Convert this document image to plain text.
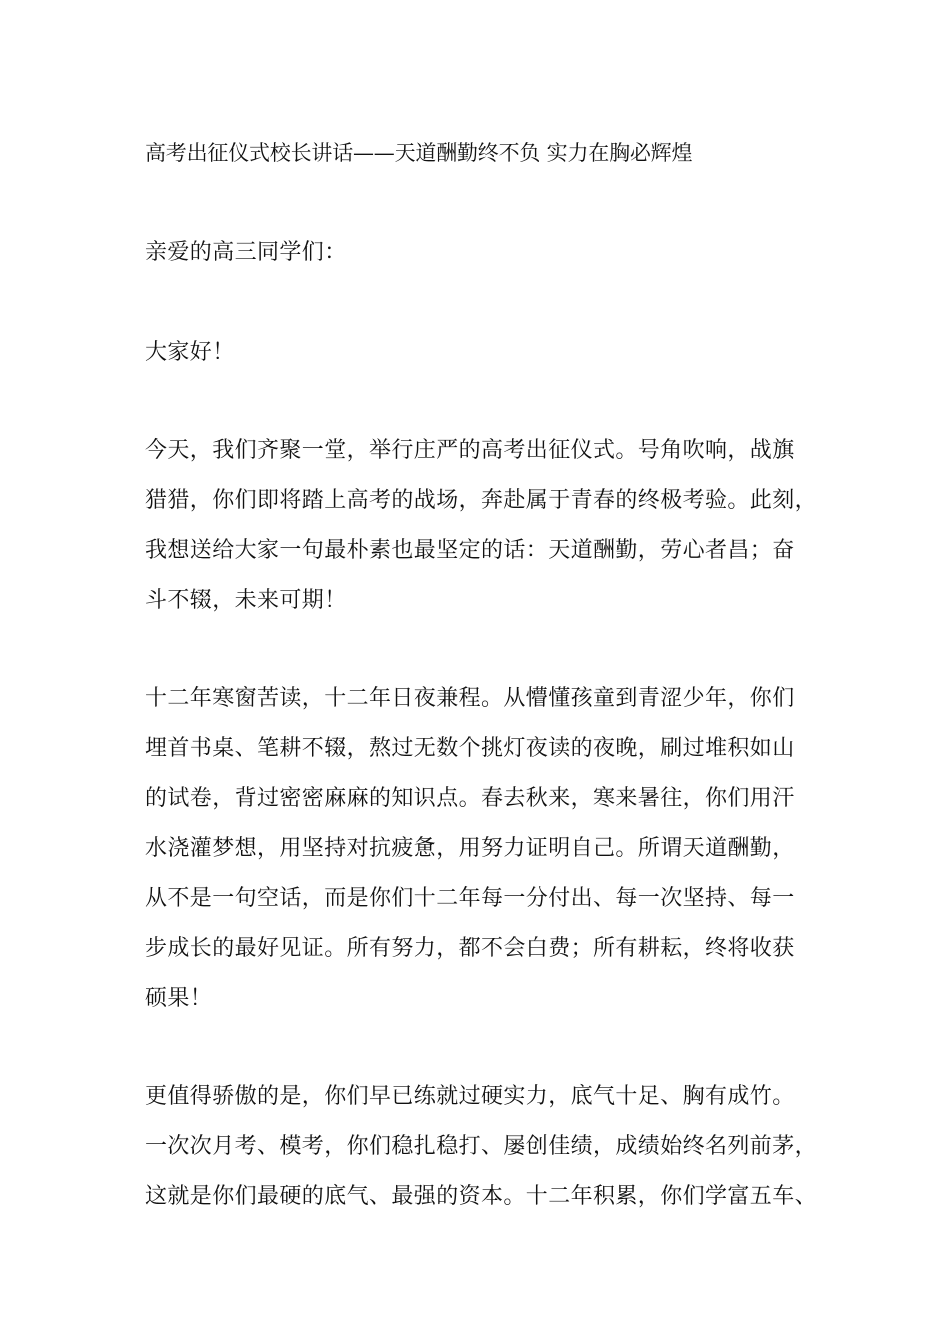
高考出征仪式校长讲话——天道酬勤终不负 实力在胸必辉煌
亲爱的高三同学们：
大家好！
今天，我们齐聚一堂，举行庄严的高考出征仪式。号角吹响，战旗
猎猎，你们即将踏上高考的战场，奔赴属于青春的终极考验。此刻，
我想送给大家一句最朴素也最坚定的话：天道酬勤，劳心者昌；奋
斗不辍，未来可期！
十二年寒窗苦读，十二年日夜兼程。从懵懂孩童到青涩少年，你们
埋首书桌、笔耕不辍，熬过无数个挑灯夜读的夜晚，刷过堆积如山
的试卷，背过密密麻麻的知识点。春去秋来，寒来暑往，你们用汗
水浇灌梦想，用坚持对抗疲惫，用努力证明自己。所谓天道酬勤，
从不是一句空话，而是你们十二年每一分付出、每一次坚持、每一
步成长的最好见证。所有努力，都不会白费；所有耕耘，终将收获
硕果！
更值得骄傲的是，你们早已练就过硬实力，底气十足、胸有成竹。
一次次月考、模考，你们稳扎稳打、屡创佳绩，成绩始终名列前茅，
这就是你们最硬的底气、最强的资本。十二年积累，你们学富五车、
